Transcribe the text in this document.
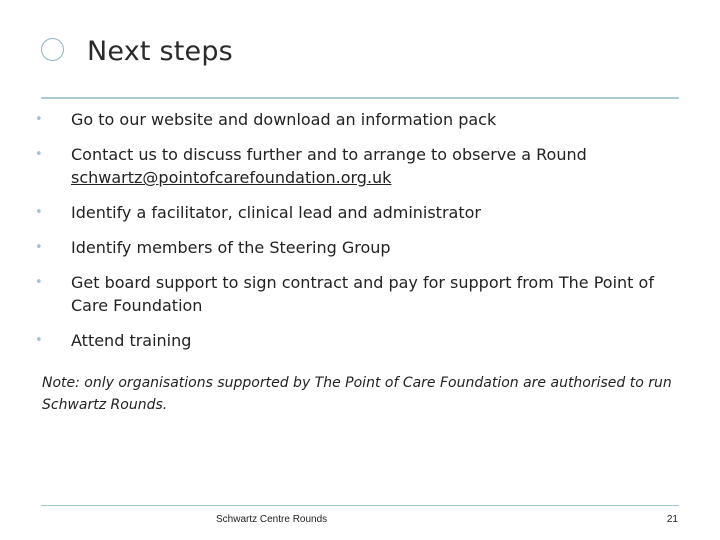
Next steps
• Go to our website and download an information pack
• Contact us to discuss further and to arrange to observe a Round
schwartz@pointofcarefoundation.org.uk
• Identify a facilitator, clinical lead and administrator
• Identify members of the Steering Group
• Get board support to sign contract and pay for support from The Point of Care Foundation
• Attend training
Note: only organisations supported by The Point of Care Foundation are authorised to run Schwartz Rounds.
Schwartz Centre Rounds	21
